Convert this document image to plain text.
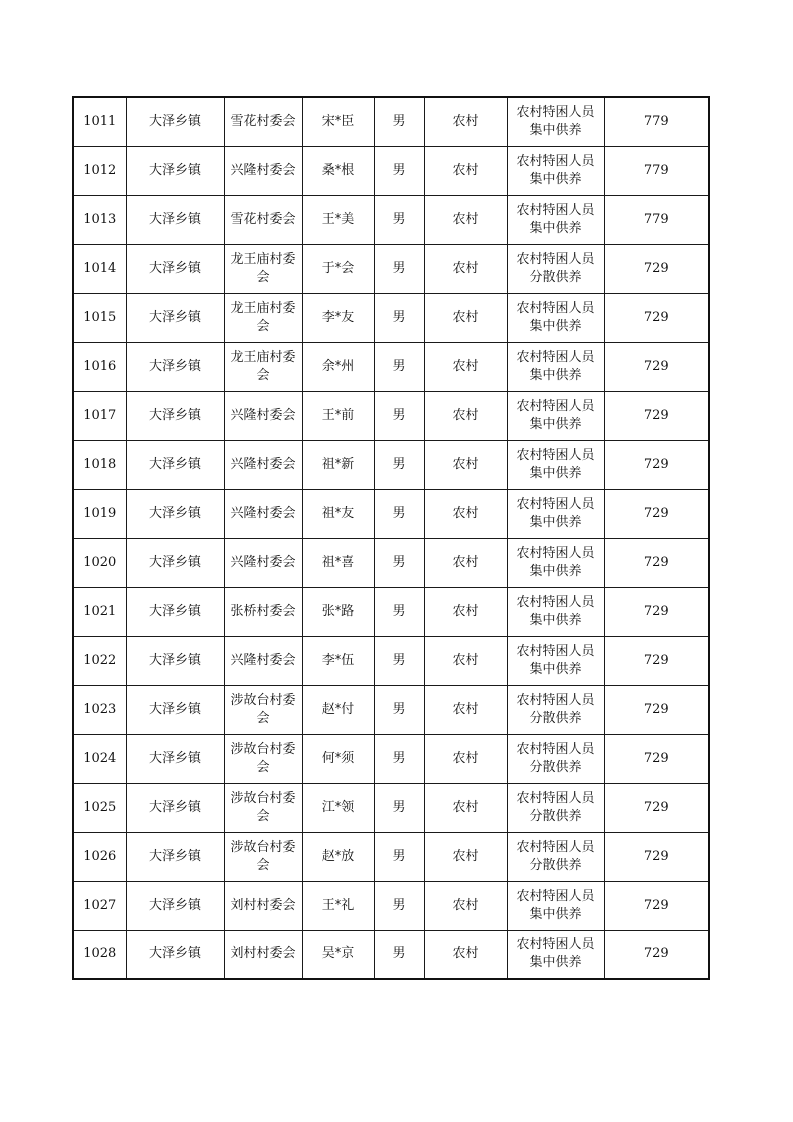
1011	大泽乡镇	雪花村委会	宋*臣	男	农村	农村特困人员集中供养	779
1012	大泽乡镇	兴隆村委会	桑*根	男	农村	农村特困人员集中供养	779
1013	大泽乡镇	雪花村委会	王*美	男	农村	农村特困人员集中供养	779
1014	大泽乡镇	龙王庙村委会	于*会	男	农村	农村特困人员分散供养	729
1015	大泽乡镇	龙王庙村委会	李*友	男	农村	农村特困人员集中供养	729
1016	大泽乡镇	龙王庙村委会	余*州	男	农村	农村特困人员集中供养	729
1017	大泽乡镇	兴隆村委会	王*前	男	农村	农村特困人员集中供养	729
1018	大泽乡镇	兴隆村委会	祖*新	男	农村	农村特困人员集中供养	729
1019	大泽乡镇	兴隆村委会	祖*友	男	农村	农村特困人员集中供养	729
1020	大泽乡镇	兴隆村委会	祖*喜	男	农村	农村特困人员集中供养	729
1021	大泽乡镇	张桥村委会	张*路	男	农村	农村特困人员集中供养	729
1022	大泽乡镇	兴隆村委会	李*伍	男	农村	农村特困人员集中供养	729
1023	大泽乡镇	涉故台村委会	赵*付	男	农村	农村特困人员分散供养	729
1024	大泽乡镇	涉故台村委会	何*须	男	农村	农村特困人员分散供养	729
1025	大泽乡镇	涉故台村委会	江*领	男	农村	农村特困人员分散供养	729
1026	大泽乡镇	涉故台村委会	赵*放	男	农村	农村特困人员分散供养	729
1027	大泽乡镇	刘村村委会	王*礼	男	农村	农村特困人员集中供养	729
1028	大泽乡镇	刘村村委会	吴*京	男	农村	农村特困人员集中供养	729
